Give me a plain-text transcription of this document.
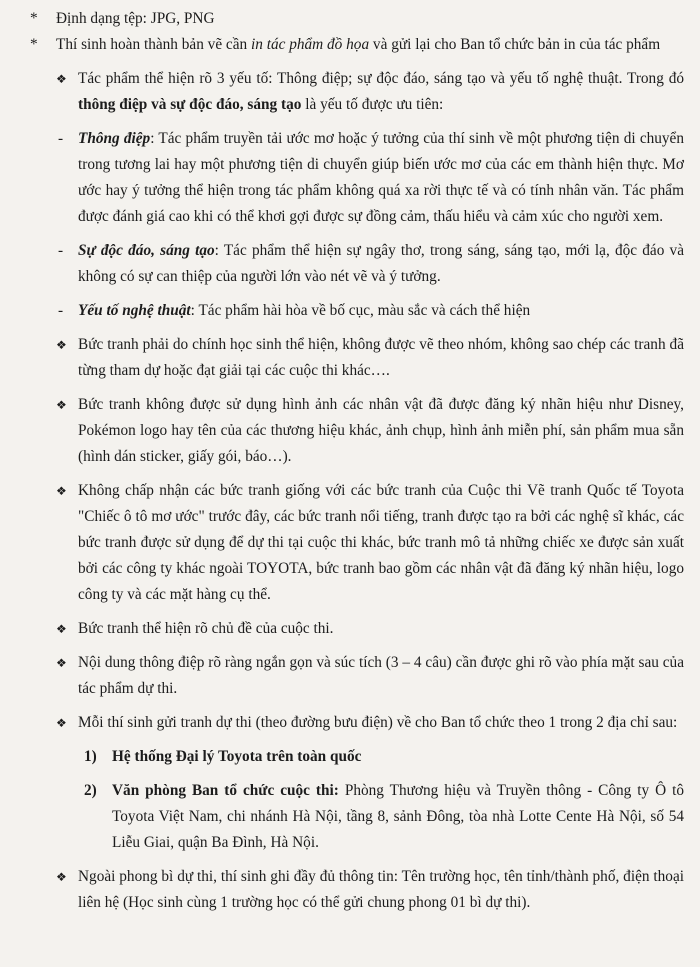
* Định dạng tệp: JPG, PNG
* Thí sinh hoàn thành bản vẽ cần in tác phẩm đồ họa và gửi lại cho Ban tổ chức bản in của tác phẩm
❖ Tác phẩm thể hiện rõ 3 yếu tố: Thông điệp; sự độc đáo, sáng tạo và yếu tố nghệ thuật. Trong đó thông điệp và sự độc đáo, sáng tạo là yếu tố được ưu tiên:
- Thông điệp: Tác phẩm truyền tải ước mơ hoặc ý tưởng của thí sinh về một phương tiện di chuyển trong tương lai hay một phương tiện di chuyển giúp biến ước mơ của các em thành hiện thực. Mơ ước hay ý tưởng thể hiện trong tác phẩm không quá xa rời thực tế và có tính nhân văn. Tác phẩm được đánh giá cao khi có thể khơi gợi được sự đồng cảm, thấu hiểu và cảm xúc cho người xem.
- Sự độc đáo, sáng tạo: Tác phẩm thể hiện sự ngây thơ, trong sáng, sáng tạo, mới lạ, độc đáo và không có sự can thiệp của người lớn vào nét vẽ và ý tưởng.
- Yếu tố nghệ thuật: Tác phẩm hài hòa về bố cục, màu sắc và cách thể hiện
❖ Bức tranh phải do chính học sinh thể hiện, không được vẽ theo nhóm, không sao chép các tranh đã từng tham dự hoặc đạt giải tại các cuộc thi khác….
❖ Bức tranh không được sử dụng hình ảnh các nhân vật đã được đăng ký nhãn hiệu như Disney, Pokémon logo hay tên của các thương hiệu khác, ảnh chụp, hình ảnh miễn phí, sản phẩm mua sẵn (hình dán sticker, giấy gói, báo…).
❖ Không chấp nhận các bức tranh giống với các bức tranh của Cuộc thi Vẽ tranh Quốc tế Toyota "Chiếc ô tô mơ ước" trước đây, các bức tranh nổi tiếng, tranh được tạo ra bởi các nghệ sĩ khác, các bức tranh được sử dụng để dự thi tại cuộc thi khác, bức tranh mô tả những chiếc xe được sản xuất bởi các công ty khác ngoài TOYOTA, bức tranh bao gồm các nhân vật đã đăng ký nhãn hiệu, logo công ty và các mặt hàng cụ thể.
❖ Bức tranh thể hiện rõ chủ đề của cuộc thi.
❖ Nội dung thông điệp rõ ràng ngắn gọn và súc tích (3 – 4 câu) cần được ghi rõ vào phía mặt sau của tác phẩm dự thi.
❖ Mỗi thí sinh gửi tranh dự thi (theo đường bưu điện) về cho Ban tổ chức theo 1 trong 2 địa chỉ sau:
1) Hệ thống Đại lý Toyota trên toàn quốc
2) Văn phòng Ban tổ chức cuộc thi: Phòng Thương hiệu và Truyền thông - Công ty Ô tô Toyota Việt Nam, chi nhánh Hà Nội, tầng 8, sảnh Đông, tòa nhà Lotte Cente Hà Nội, số 54 Liễu Giai, quận Ba Đình, Hà Nội.
❖ Ngoài phong bì dự thi, thí sinh ghi đầy đủ thông tin: Tên trường học, tên tỉnh/thành phố, điện thoại liên hệ (Học sinh cùng 1 trường học có thể gửi chung phong 01 bì dự thi).
